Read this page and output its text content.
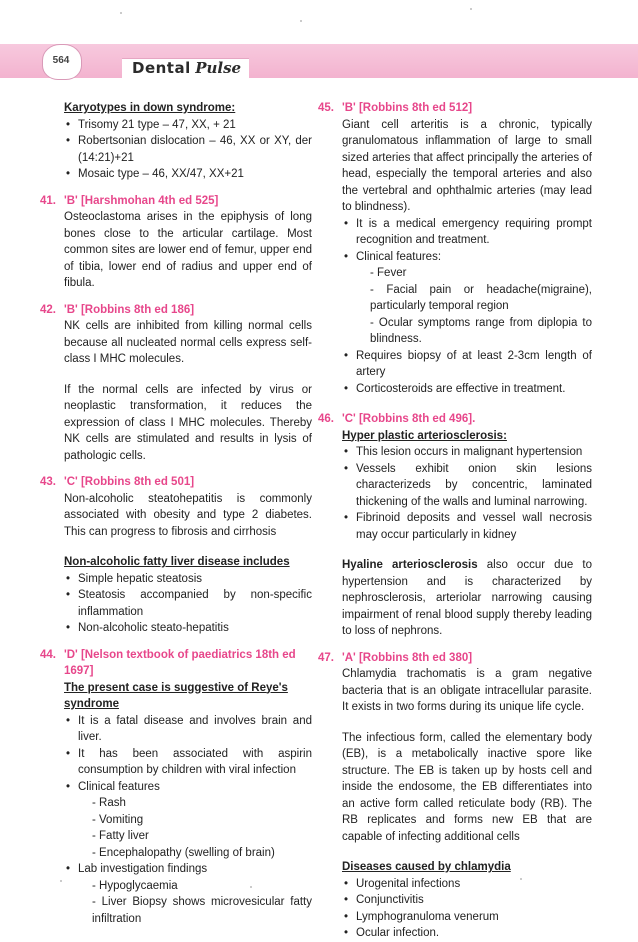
564	Dental Pulse
Karyotypes in down syndrome:
• Trisomy 21 type – 47, XX, + 21
• Robertsonian dislocation – 46, XX or XY, der (14:21)+21
• Mosaic type – 46, XX/47, XX+21
41. 'B' [Harshmohan 4th ed 525]

Osteoclastoma arises in the epiphysis of long bones close to the articular cartilage. Most common sites are lower end of femur, upper end of tibia, lower end of radius and upper end of fibula.

42. 'B' [Robbins 8th ed 186]

NK cells are inhibited from killing normal cells because all nucleated normal cells express self-class I MHC molecules.

If the normal cells are infected by virus or neoplastic transformation, it reduces the expression of class I MHC molecules. Thereby NK cells are stimulated and results in lysis of pathologic cells.

43. 'C' [Robbins 8th ed 501]

Non-alcoholic steatohepatitis is commonly associated with obesity and type 2 diabetes. This can progress to fibrosis and cirrhosis

Non-alcoholic fatty liver disease includes
• Simple hepatic steatosis
• Steatosis accompanied by non-specific inflammation
• Non-alcoholic steato-hepatitis
44. 'D' [Nelson textbook of paediatrics 18th ed 1697]
The present case is suggestive of Reye's syndrome
• It is a fatal disease and involves brain and liver.
• It has been associated with aspirin consumption by children with viral infection
• Clinical features
- Rash
- Vomiting
- Fatty liver
- Encephalopathy (swelling of brain)
• Lab investigation findings
- Hypoglycaemia
- Liver Biopsy shows microvesicular fatty infiltration
45. 'B' [Robbins 8th ed 512]

Giant cell arteritis is a chronic, typically granulomatous inflammation of large to small sized arteries that affect principally the arteries of head, especially the temporal arteries and also the vertebral and ophthalmic arteries (may lead to blindness).

• It is a medical emergency requiring prompt recognition and treatment.
• Clinical features:
- Fever
- Facial pain or headache(migraine), particularly temporal region
- Ocular symptoms range from diplopia to blindness.
• Requires biopsy of at least 2-3cm length of artery
• Corticosteroids are effective in treatment.
46. 'C' [Robbins 8th ed 496].
Hyper plastic arteriosclerosis:
• This lesion occurs in malignant hypertension
• Vessels exhibit onion skin lesions characterizeds by concentric, laminated thickening of the walls and luminal narrowing.
• Fibrinoid deposits and vessel wall necrosis may occur particularly in kidney

Hyaline arteriosclerosis also occur due to hypertension and is characterized by nephrosclerosis, arteriolar narrowing causing impairment of renal blood supply thereby leading to loss of nephrons.

47. 'A' [Robbins 8th ed 380]

Chlamydia trachomatis is a gram negative bacteria that is an obligate intracellular parasite. It exists in two forms during its unique life cycle.

The infectious form, called the elementary body (EB), is a metabolically inactive spore like structure. The EB is taken up by hosts cell and inside the endosome, the EB differentiates into an active form called reticulate body (RB). The RB replicates and forms new EB that are capable of infecting additional cells

Diseases caused by chlamydia
• Urogenital infections
• Conjunctivitis
• Lymphogranuloma venerum
• Ocular infection.
